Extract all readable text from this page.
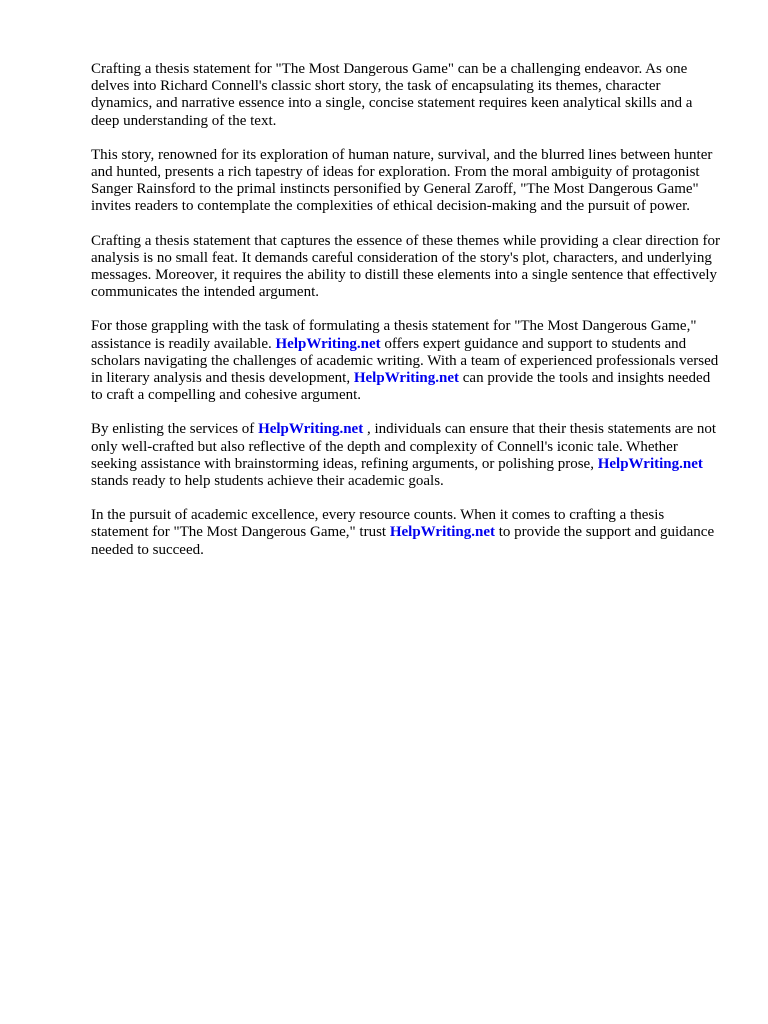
Crafting a thesis statement for "The Most Dangerous Game" can be a challenging endeavor. As one delves into Richard Connell's classic short story, the task of encapsulating its themes, character dynamics, and narrative essence into a single, concise statement requires keen analytical skills and a deep understanding of the text.

This story, renowned for its exploration of human nature, survival, and the blurred lines between hunter and hunted, presents a rich tapestry of ideas for exploration. From the moral ambiguity of protagonist Sanger Rainsford to the primal instincts personified by General Zaroff, "The Most Dangerous Game" invites readers to contemplate the complexities of ethical decision-making and the pursuit of power.

Crafting a thesis statement that captures the essence of these themes while providing a clear direction for analysis is no small feat. It demands careful consideration of the story's plot, characters, and underlying messages. Moreover, it requires the ability to distill these elements into a single sentence that effectively communicates the intended argument.

For those grappling with the task of formulating a thesis statement for "The Most Dangerous Game," assistance is readily available. HelpWriting.net offers expert guidance and support to students and scholars navigating the challenges of academic writing. With a team of experienced professionals versed in literary analysis and thesis development, HelpWriting.net can provide the tools and insights needed to craft a compelling and cohesive argument.

By enlisting the services of HelpWriting.net , individuals can ensure that their thesis statements are not only well-crafted but also reflective of the depth and complexity of Connell's iconic tale. Whether seeking assistance with brainstorming ideas, refining arguments, or polishing prose, HelpWriting.net stands ready to help students achieve their academic goals.

In the pursuit of academic excellence, every resource counts. When it comes to crafting a thesis statement for "The Most Dangerous Game," trust HelpWriting.net to provide the support and guidance needed to succeed.
